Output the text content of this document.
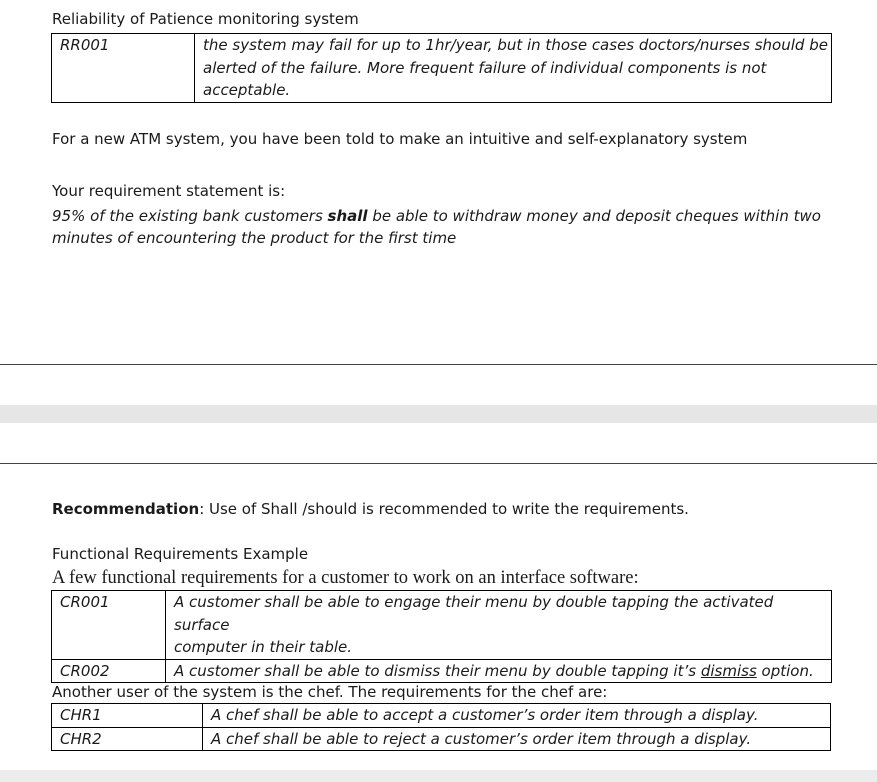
Reliability of Patience monitoring system
RR001	the system may fail for up to 1hr/year, but in those cases doctors/nurses should be
alerted of the failure. More frequent failure of individual components is not
acceptable.
For a new ATM system, you have been told to make an intuitive and self-explanatory system
Your requirement statement is:
95% of the existing bank customers shall be able to withdraw money and deposit cheques within two
minutes of encountering the product for the first time
Recommendation: Use of Shall /should is recommended to write the requirements.
Functional Requirements Example
A few functional requirements for a customer to work on an interface software:
CR001	A customer shall be able to engage their menu by double tapping the activated surface
computer in their table.
CR002	A customer shall be able to dismiss their menu by double tapping it’s dismiss option.
Another user of the system is the chef. The requirements for the chef are:
CHR1	A chef shall be able to accept a customer’s order item through a display.
CHR2	A chef shall be able to reject a customer’s order item through a display.
